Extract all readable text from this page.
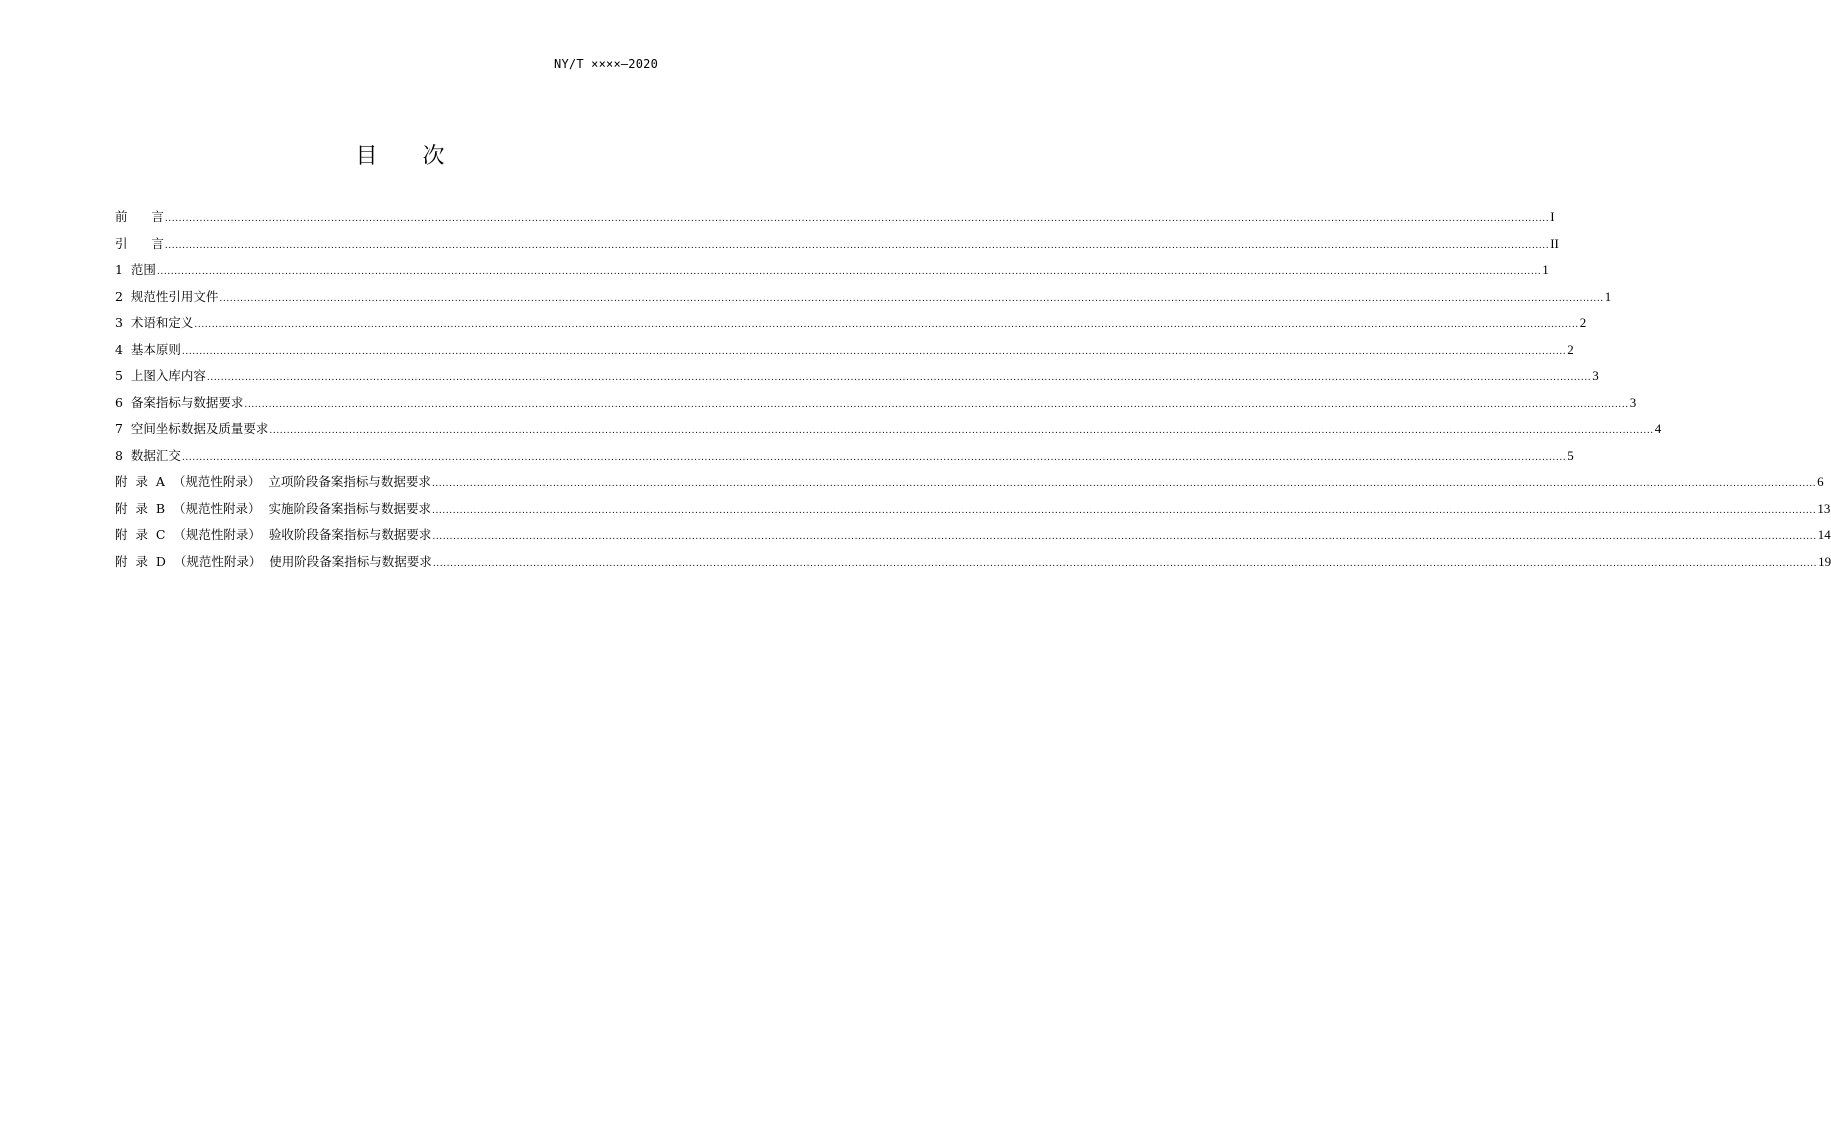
NY/T ××××—2020
目 次
前      言 ................................................................................................................................................................................................................................................................................................................................................................................................................ I
引      言 ................................................................................................................................................................................................................................................................................................................................................................................................................ II
1  范围 ................................................................................................................................................................................................................................................................................................................................................................................................................ 1
2  规范性引用文件 ................................................................................................................................................................................................................................................................................................................................................................................................................ 1
3  术语和定义 ................................................................................................................................................................................................................................................................................................................................................................................................................ 2
4  基本原则 ................................................................................................................................................................................................................................................................................................................................................................................................................ 2
5  上图入库内容 ................................................................................................................................................................................................................................................................................................................................................................................................................ 3
6  备案指标与数据要求 ................................................................................................................................................................................................................................................................................................................................................................................................................ 3
7  空间坐标数据及质量要求 ................................................................................................................................................................................................................................................................................................................................................................................................................ 4
8  数据汇交 ................................................................................................................................................................................................................................................................................................................................................................................................................ 5
附  录  A  （规范性附录）  立项阶段备案指标与数据要求 ................................................................................................................................................................................................................................................................................................................................................................................................................ 6
附  录  B  （规范性附录）  实施阶段备案指标与数据要求 ................................................................................................................................................................................................................................................................................................................................................................................................................ 13
附  录  C  （规范性附录）  验收阶段备案指标与数据要求 ................................................................................................................................................................................................................................................................................................................................................................................................................ 14
附  录  D  （规范性附录）  使用阶段备案指标与数据要求 ................................................................................................................................................................................................................................................................................................................................................................................................................ 19
